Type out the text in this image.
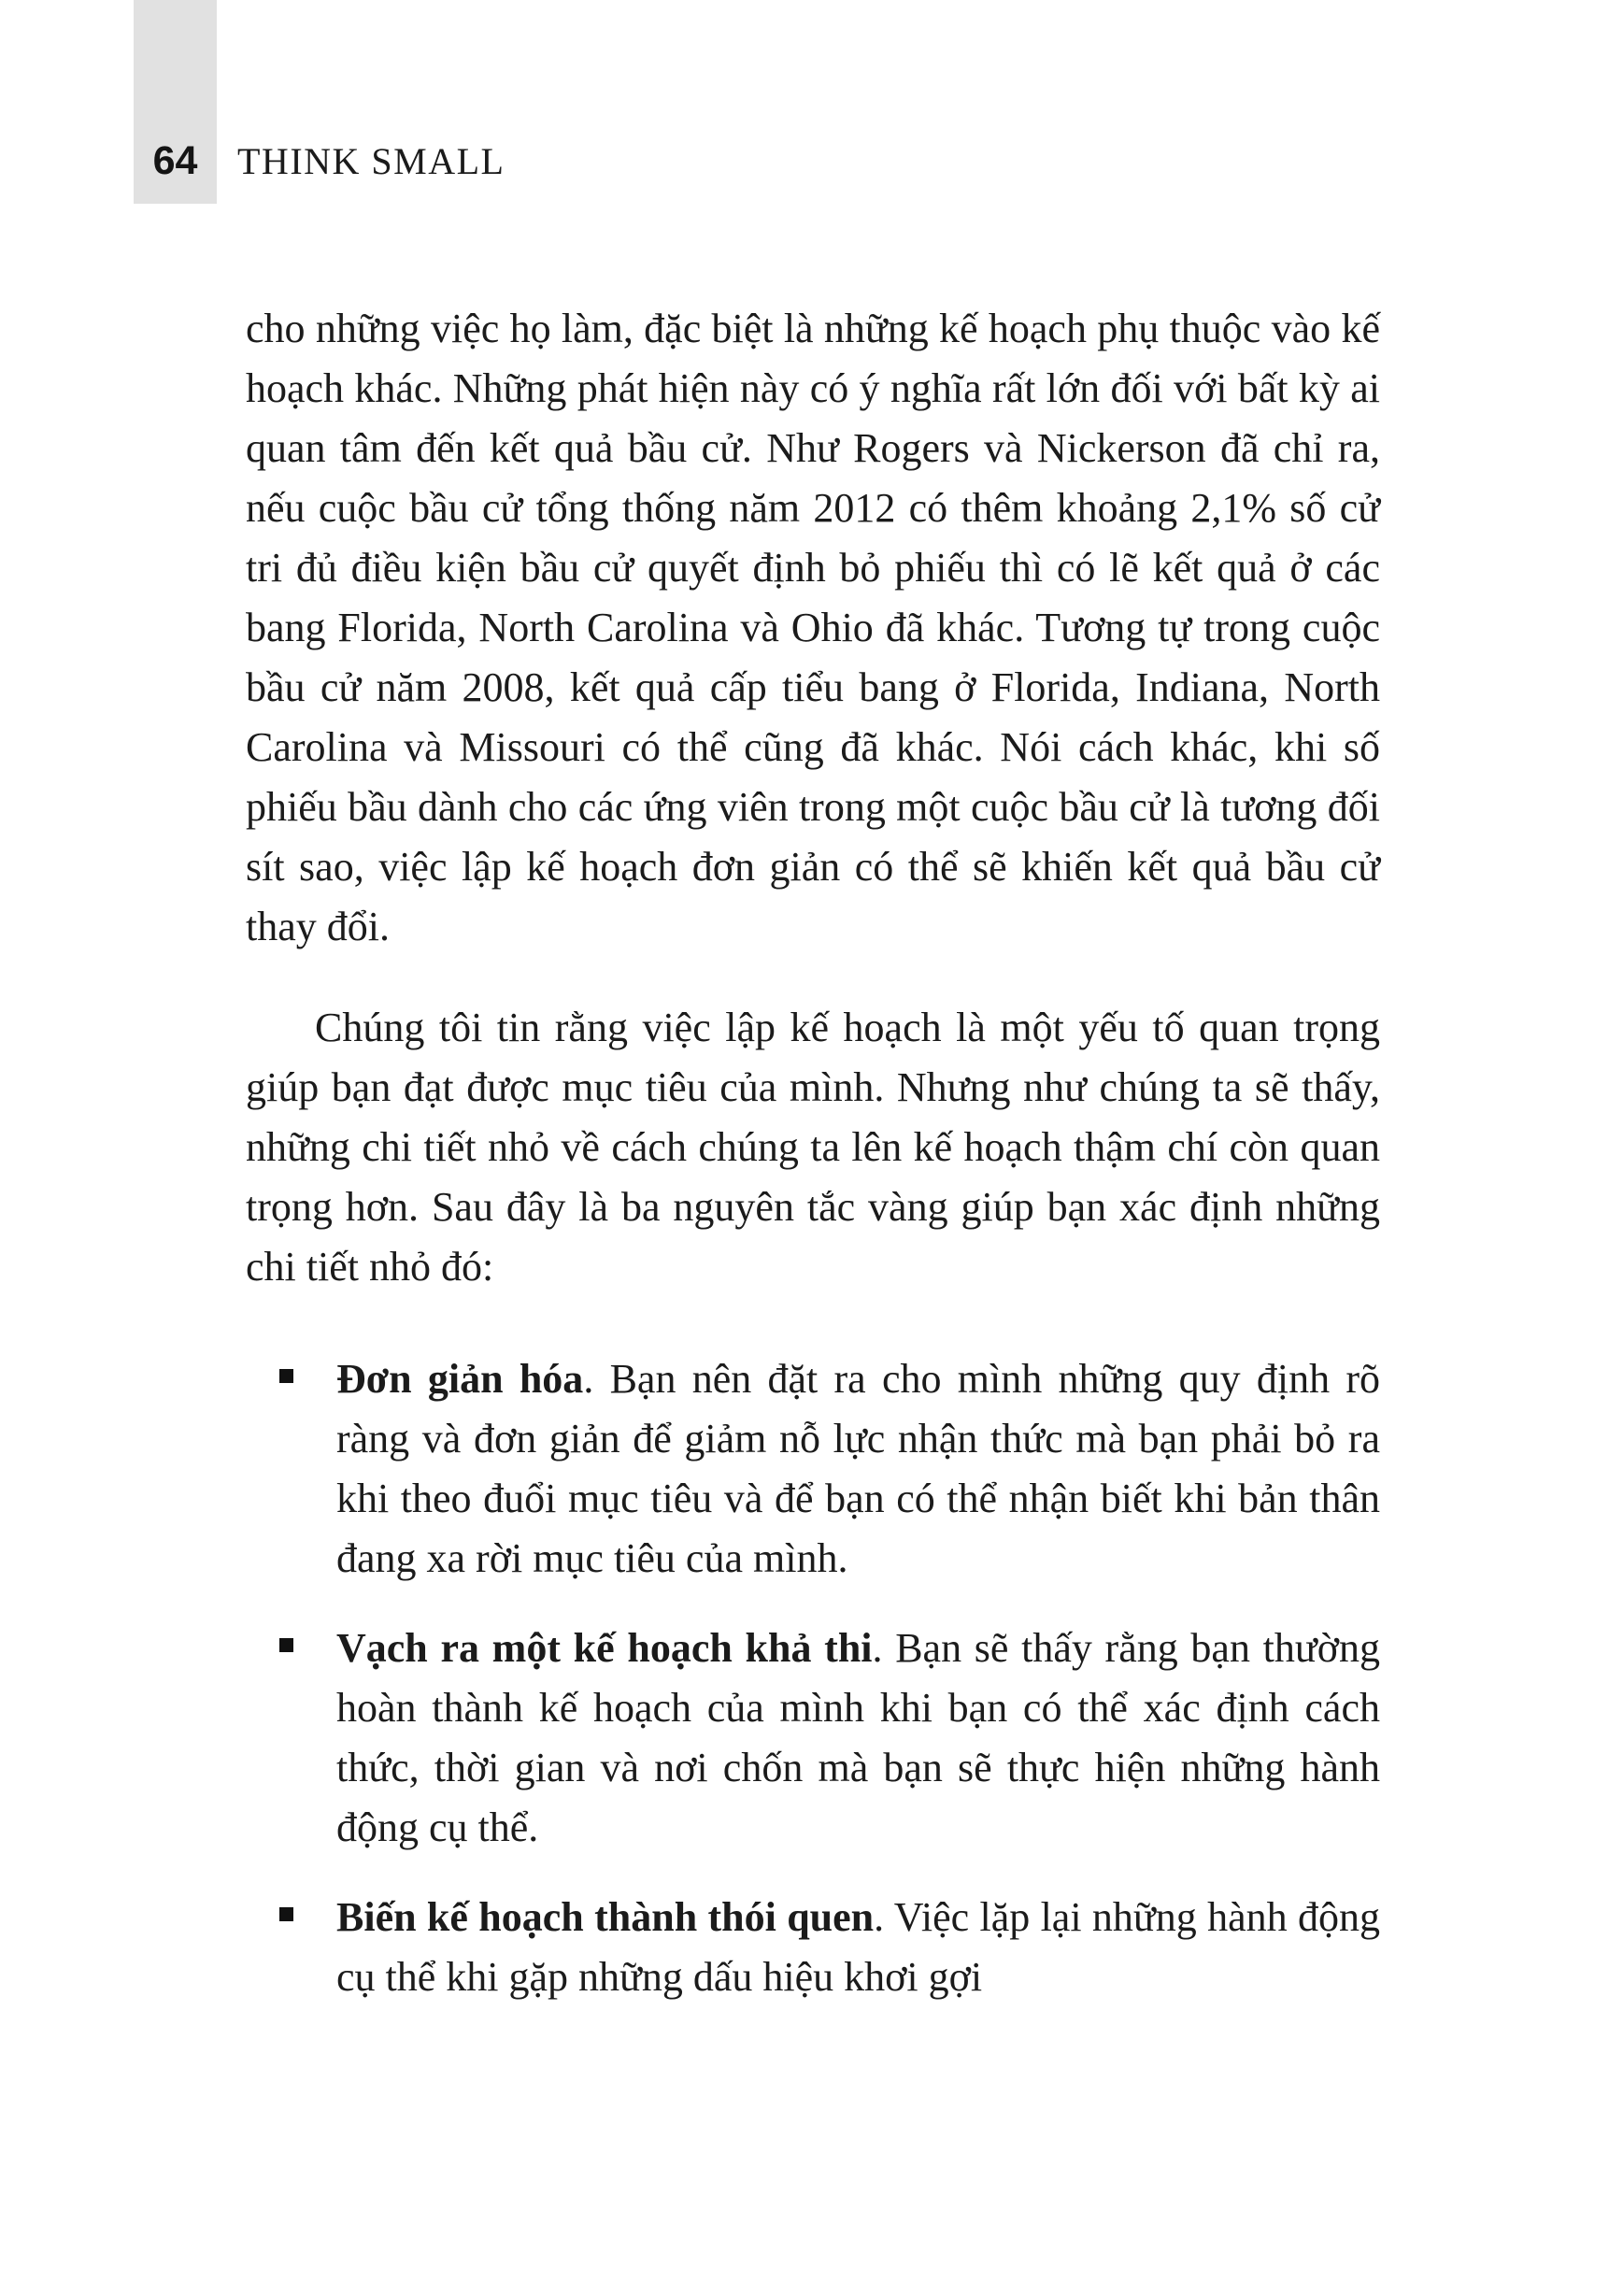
64	THINK SMALL

cho những việc họ làm, đặc biệt là những kế hoạch phụ thuộc vào kế hoạch khác. Những phát hiện này có ý nghĩa rất lớn đối với bất kỳ ai quan tâm đến kết quả bầu cử. Như Rogers và Nickerson đã chỉ ra, nếu cuộc bầu cử tổng thống năm 2012 có thêm khoảng 2,1% số cử tri đủ điều kiện bầu cử quyết định bỏ phiếu thì có lẽ kết quả ở các bang Florida, North Carolina và Ohio đã khác. Tương tự trong cuộc bầu cử năm 2008, kết quả cấp tiểu bang ở Florida, Indiana, North Carolina và Missouri có thể cũng đã khác. Nói cách khác, khi số phiếu bầu dành cho các ứng viên trong một cuộc bầu cử là tương đối sít sao, việc lập kế hoạch đơn giản có thể sẽ khiến kết quả bầu cử thay đổi.

Chúng tôi tin rằng việc lập kế hoạch là một yếu tố quan trọng giúp bạn đạt được mục tiêu của mình. Nhưng như chúng ta sẽ thấy, những chi tiết nhỏ về cách chúng ta lên kế hoạch thậm chí còn quan trọng hơn. Sau đây là ba nguyên tắc vàng giúp bạn xác định những chi tiết nhỏ đó:

Đơn giản hóa. Bạn nên đặt ra cho mình những quy định rõ ràng và đơn giản để giảm nỗ lực nhận thức mà bạn phải bỏ ra khi theo đuổi mục tiêu và để bạn có thể nhận biết khi bản thân đang xa rời mục tiêu của mình.
Vạch ra một kế hoạch khả thi. Bạn sẽ thấy rằng bạn thường hoàn thành kế hoạch của mình khi bạn có thể xác định cách thức, thời gian và nơi chốn mà bạn sẽ thực hiện những hành động cụ thể.
Biến kế hoạch thành thói quen. Việc lặp lại những hành động cụ thể khi gặp những dấu hiệu khơi gợi
